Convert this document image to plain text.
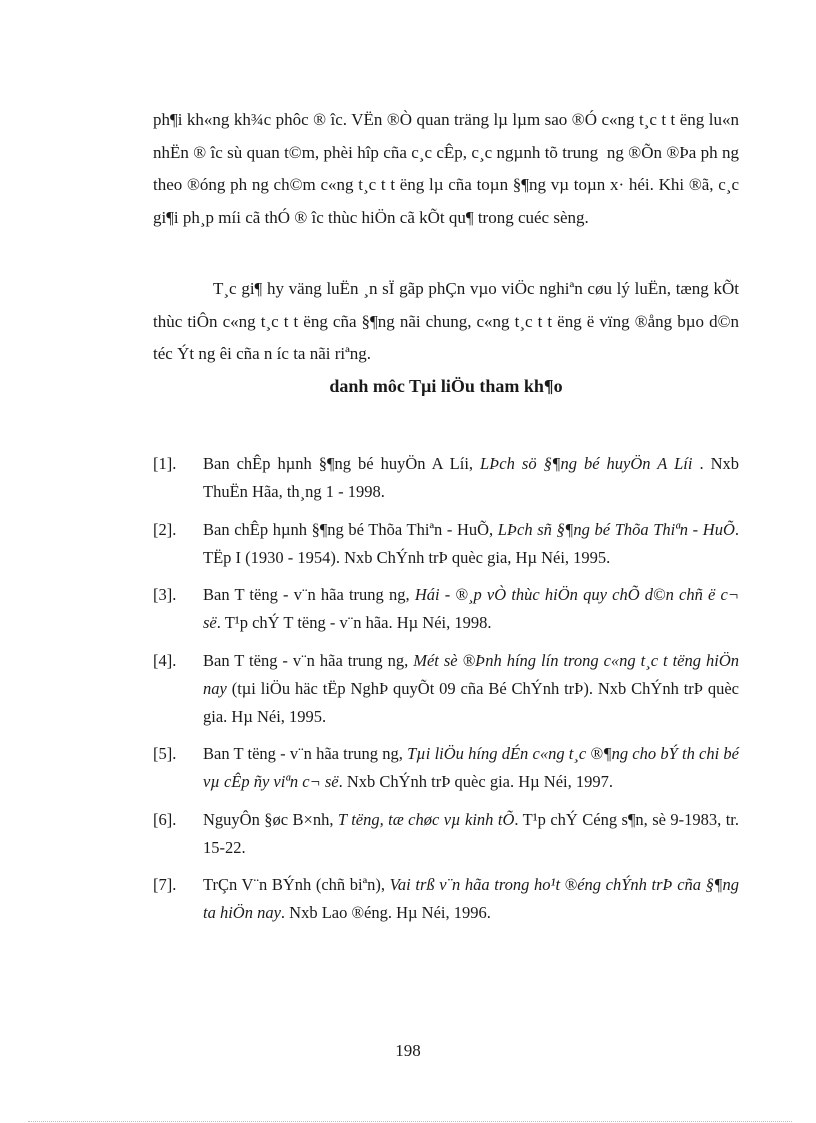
ph¶i kh«ng kh¾c phôc ® îc. VËn ®Ò quan träng lµ lµm sao ®Ó c«ng t¸c t t ëng lu«n nhËn ® îc sù quan t©m, phèi hîp cña c¸c cÊp, c¸c ngµnh tõ trung ng ®Õn ®Þa ph ng theo ®óng ph ng ch©m c«ng t¸c t t ëng lµ cña toµn §¶ng vµ toµn x· héi. Khi ®ã, c¸c gi¶i ph¸p míi cã thÓ ® îc thùc hiÖn cã kÕt qu¶ trong cuéc sèng.

T¸c gi¶ hy väng luËn ¸n sÏ gãp phÇn vµo viÖc nghiªn cøu lý luËn, tæng kÕt thùc tiÔn c«ng t¸c t t ëng cña §¶ng nãi chung, c«ng t¸c t t ëng ë vïng ®ång bµo d©n téc Ýt ng êi cña n íc ta nãi riªng.

danh môc Tµi liÖu tham kh¶o
[1].	Ban chÊp hµnh §¶ng bé huyÖn A Líi, LÞch sö §¶ng bé huyÖn A Líi . Nxb ThuËn Hãa, th¸ng 1 - 1998.
[2].	Ban chÊp hµnh §¶ng bé Thõa Thiªn - HuÕ, LÞch sñ §¶ng bé Thõa Thiªn - HuÕ. TËp I (1930 - 1954). Nxb ChÝnh trÞ quèc gia, Hµ Néi, 1995.
[3].	Ban T tëng - v¨n hãa trung ng, Hái - ®¸p vÒ thùc hiÖn quy chÕ d©n chñ ë c¬ së. T¹p chÝ T tëng - v¨n hãa. Hµ Néi, 1998.
[4].	Ban T tëng - v¨n hãa trung ng, Mét sè ®Þnh híng lín trong c«ng t¸c t tëng hiÖn nay (tµi liÖu häc tËp NghÞ quyÕt 09 cña Bé ChÝnh trÞ). Nxb ChÝnh trÞ quèc gia. Hµ Néi, 1995.
[5].	Ban T tëng - v¨n hãa trung ng, Tµi liÖu híng dÉn c«ng t¸c ®¶ng cho bÝ th chi bé vµ cÊp ñy viªn c¬ së. Nxb ChÝnh trÞ quèc gia. Hµ Néi, 1997.
[6].	NguyÔn §øc B×nh, T tëng, tæ chøc vµ kinh tÕ. T¹p chÝ Céng s¶n, sè 9-1983, tr. 15-22.
[7].	TrÇn V¨n BÝnh (chñ biªn), Vai trß v¨n hãa trong ho¹t ®éng chÝnh trÞ cña §¶ng ta hiÖn nay. Nxb Lao ®éng. Hµ Néi, 1996.
198
